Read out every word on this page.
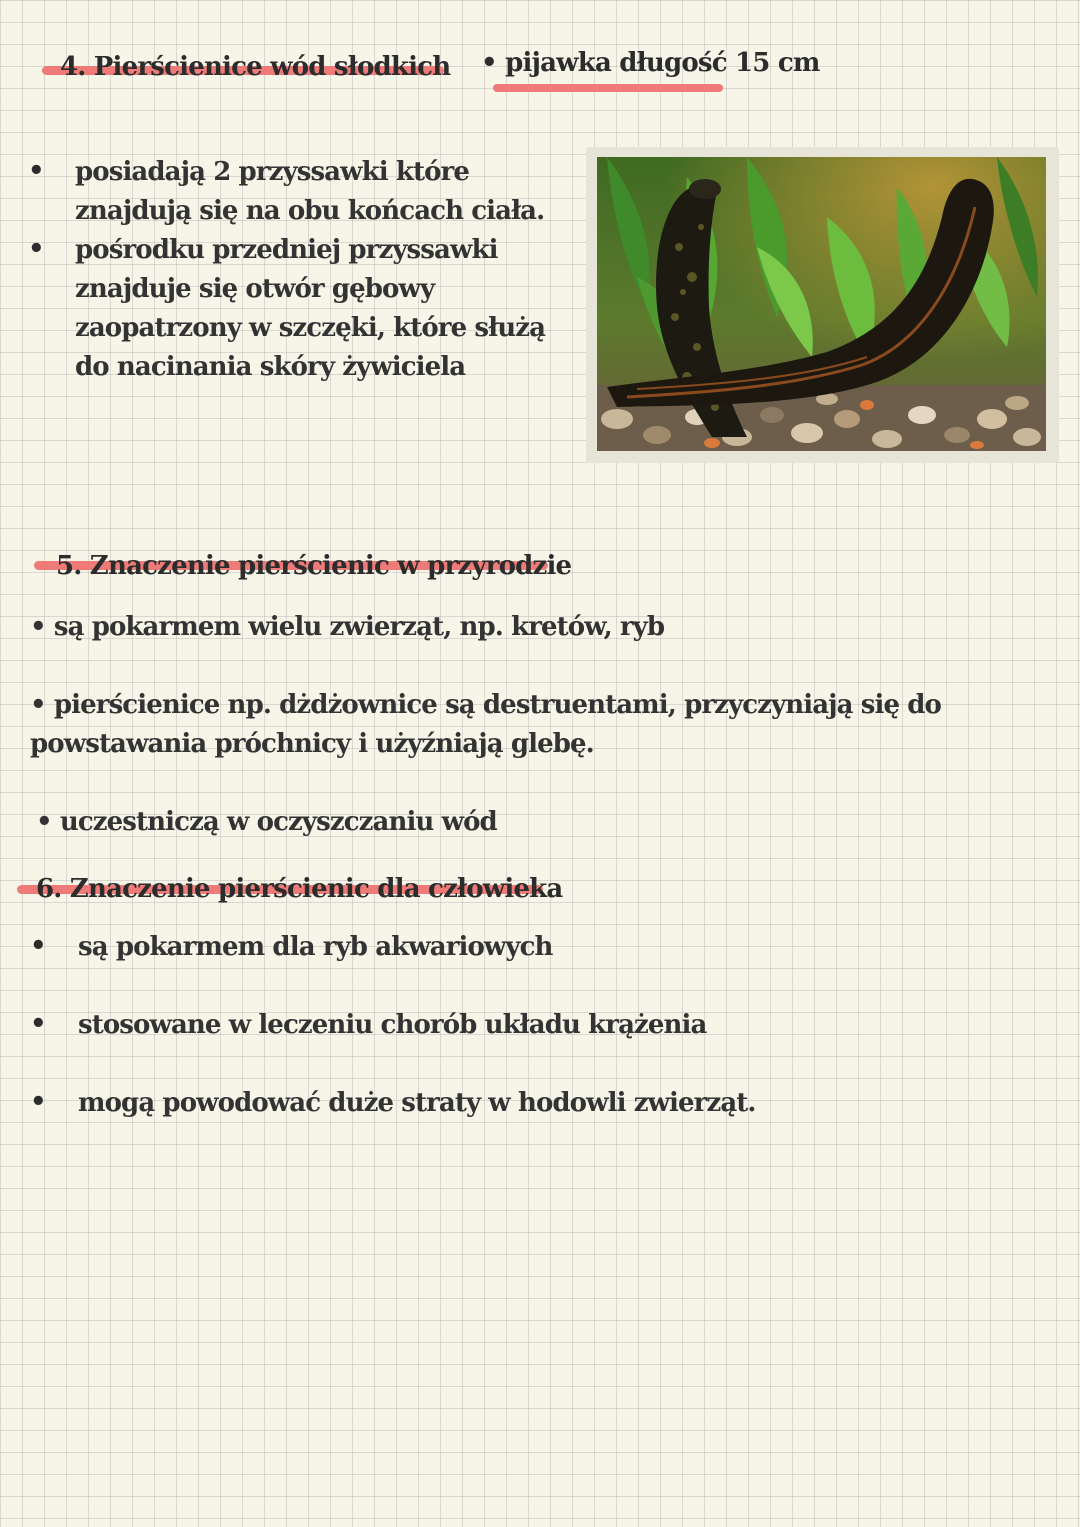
4. Pierścienice wód słodkich • pijawka długość 15 cm
• posiadają 2 przyssawki które znajdują się na obu końcach ciała.
• pośrodku przedniej przyssawki znajduje się otwór gębowy zaopatrzony w szczęki, które służą do nacinania skóry żywiciela
5. Znaczenie pierścienic w przyrodzie
• są pokarmem wielu zwierząt, np. kretów, ryb
• pierścienice np. dżdżownice są destruentami, przyczyniają się do powstawania próchnicy i użyźniają glebę.
• uczestniczą w oczyszczaniu wód
6. Znaczenie pierścienic dla człowieka
• są pokarmem dla ryb akwariowych
• stosowane w leczeniu chorób układu krążenia
• mogą powodować duże straty w hodowli zwierząt.
